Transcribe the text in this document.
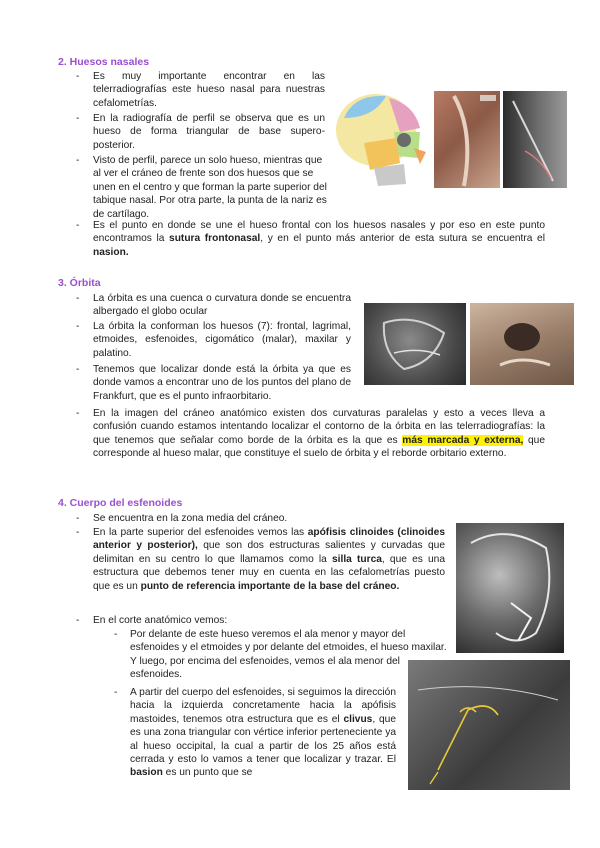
2. Huesos nasales
- Es muy importante encontrar en las telerradiografías este hueso nasal para nuestras cefalometrías.

- En la radiografía de perfil se observa que es un hueso de forma triangular de base supero-posterior.

- Visto de perfil, parece un solo hueso, mientras que al ver el cráneo de frente son dos huesos que se unen en el centro y que forman la parte superior del tabique nasal. Por otra parte, la punta de la nariz es de cartílago.

- Es el punto en donde se une el hueso frontal con los huesos nasales y por eso en este punto encontramos la sutura frontonasal, y en el punto más anterior de esta sutura se encuentra el nasion.

3. Órbita
- La órbita es una cuenca o curvatura donde se encuentra albergado el globo ocular

- La órbita la conforman los huesos (7): frontal, lagrimal, etmoides, esfenoides, cigomático (malar), maxilar y palatino.

- Tenemos que localizar donde está la órbita ya que es donde vamos a encontrar uno de los puntos del plano de Frankfurt, que es el punto infraorbitario.

- En la imagen del cráneo anatómico existen dos curvaturas paralelas y esto a veces lleva a confusión cuando estamos intentando localizar el contorno de la órbita en las telerradiografías: la que tenemos que señalar como borde de la órbita es la que es más marcada y externa, que corresponde al hueso malar, que constituye el suelo de órbita y el reborde orbitario externo.

4. Cuerpo del esfenoides
- Se encuentra en la zona media del cráneo.

- En la parte superior del esfenoides vemos las apófisis clinoides (clinoides anterior y posterior), que son dos estructuras salientes y curvadas que delimitan en su centro lo que llamamos como la silla turca, que es una estructura que debemos tener muy en cuenta en las cefalometrías puesto que es un punto de referencia importante de la base del cráneo.

- En el corte anatómico vemos:

- Por delante de este hueso veremos el ala menor y mayor del esfenoides y el etmoides y por delante del etmoides, el hueso maxilar. Y luego, por encima del esfenoides, vemos el ala menor del esfenoides.

- A partir del cuerpo del esfenoides, si seguimos la dirección hacia la izquierda concretamente hacia la apófisis mastoides, tenemos otra estructura que es el clivus, que es una zona triangular con vértice inferior perteneciente ya al hueso occipital, la cual a partir de los 25 años está cerrada y esto lo vamos a tener que localizar y trazar. El basion es un punto que se
